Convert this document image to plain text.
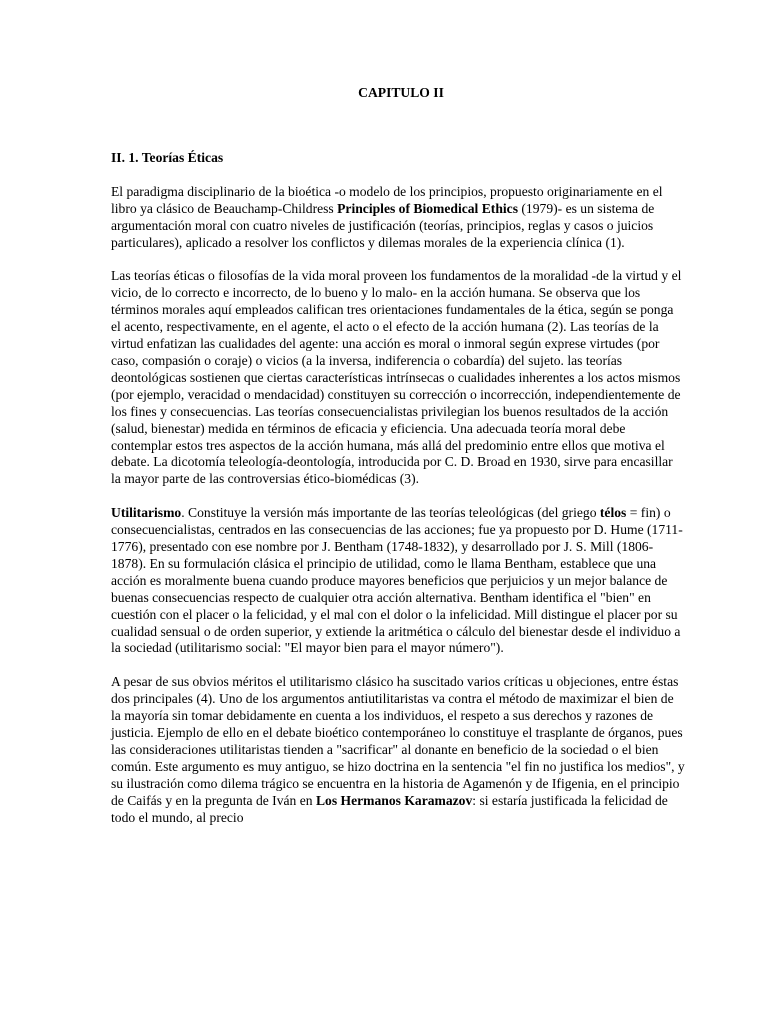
CAPITULO II
II. 1. Teorías Éticas

El paradigma disciplinario de la bioética -o modelo de los principios, propuesto originariamente en el libro ya clásico de Beauchamp-Childress Principles of Biomedical Ethics (1979)- es un sistema de argumentación moral con cuatro niveles de justificación (teorías, principios, reglas y casos o juicios particulares), aplicado a resolver los conflictos y dilemas morales de la experiencia clínica (1).

Las teorías éticas o filosofías de la vida moral proveen los fundamentos de la moralidad -de la virtud y el vicio, de lo correcto e incorrecto, de lo bueno y lo malo- en la acción humana. Se observa que los términos morales aquí empleados califican tres orientaciones fundamentales de la ética, según se ponga el acento, respectivamente, en el agente, el acto o el efecto de la acción humana (2). Las teorías de la virtud enfatizan las cualidades del agente: una acción es moral o inmoral según exprese virtudes (por caso, compasión o coraje) o vicios (a la inversa, indiferencia o cobardía) del sujeto. las teorías deontológicas sostienen que ciertas características intrínsecas o cualidades inherentes a los actos mismos (por ejemplo, veracidad o mendacidad) constituyen su corrección o incorrección, independientemente de los fines y consecuencias. Las teorías consecuencialistas privilegian los buenos resultados de la acción (salud, bienestar) medida en términos de eficacia y eficiencia. Una adecuada teoría moral debe contemplar estos tres aspectos de la acción humana, más allá del predominio entre ellos que motiva el debate. La dicotomía teleología-deontología, introducida por C. D. Broad en 1930, sirve para encasillar la mayor parte de las controversias ético-biomédicas (3).

Utilitarismo. Constituye la versión más importante de las teorías teleológicas (del griego télos = fin) o consecuencialistas, centrados en las consecuencias de las acciones; fue ya propuesto por D. Hume (1711-1776), presentado con ese nombre por J. Bentham (1748-1832), y desarrollado por J. S. Mill (1806-1878). En su formulación clásica el principio de utilidad, como le llama Bentham, establece que una acción es moralmente buena cuando produce mayores beneficios que perjuicios y un mejor balance de buenas consecuencias respecto de cualquier otra acción alternativa. Bentham identifica el "bien" en cuestión con el placer o la felicidad, y el mal con el dolor o la infelicidad. Mill distingue el placer por su cualidad sensual o de orden superior, y extiende la aritmética o cálculo del bienestar desde el individuo a la sociedad (utilitarismo social: "El mayor bien para el mayor número").

A pesar de sus obvios méritos el utilitarismo clásico ha suscitado varios críticas u objeciones, entre éstas dos principales (4). Uno de los argumentos antiutilitaristas va contra el método de maximizar el bien de la mayoría sin tomar debidamente en cuenta a los individuos, el respeto a sus derechos y razones de justicia. Ejemplo de ello en el debate bioético contemporáneo lo constituye el trasplante de órganos, pues las consideraciones utilitaristas tienden a "sacrificar" al donante en beneficio de la sociedad o el bien común. Este argumento es muy antiguo, se hizo doctrina en la sentencia "el fin no justifica los medios", y su ilustración como dilema trágico se encuentra en la historia de Agamenón y de Ifigenia, en el principio de Caifás y en la pregunta de Iván en Los Hermanos Karamazov: si estaría justificada la felicidad de todo el mundo, al precio
